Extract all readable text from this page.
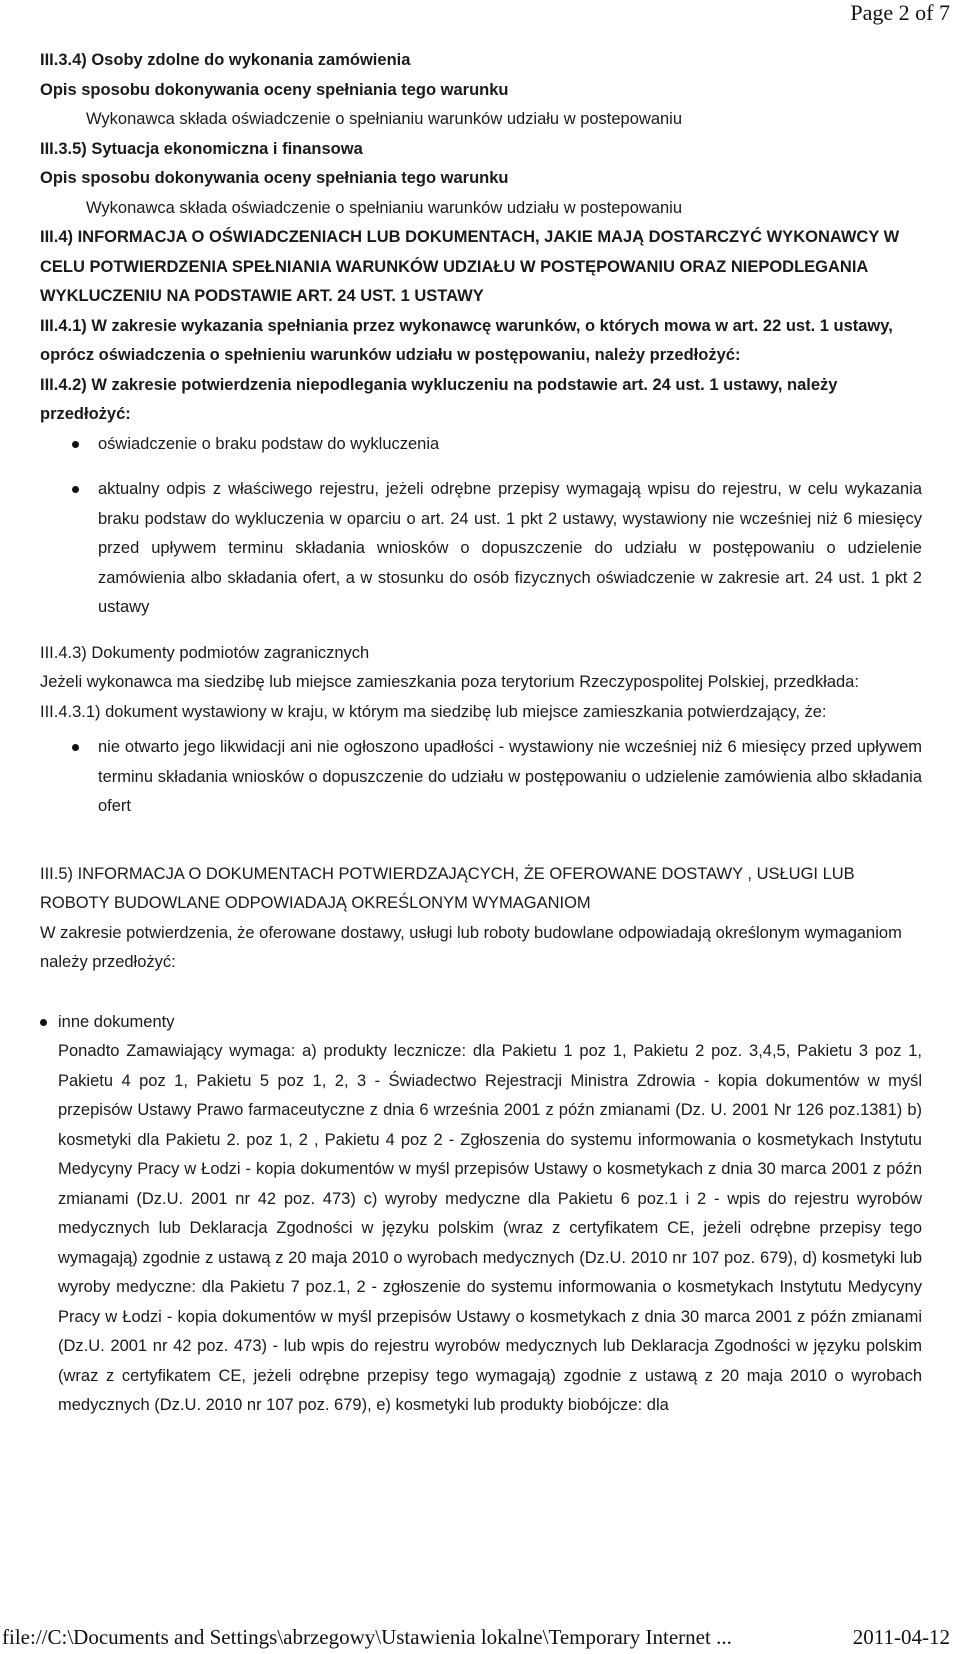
Page 2 of 7

III.3.4) Osoby zdolne do wykonania zamówienia

Opis sposobu dokonywania oceny spełniania tego warunku

Wykonawca składa oświadczenie o spełnianiu warunków udziału w postepowaniu

III.3.5) Sytuacja ekonomiczna i finansowa

Opis sposobu dokonywania oceny spełniania tego warunku

Wykonawca składa oświadczenie o spełnianiu warunków udziału w postepowaniu

III.4) INFORMACJA O OŚWIADCZENIACH LUB DOKUMENTACH, JAKIE MAJĄ DOSTARCZYĆ WYKONAWCY W CELU POTWIERDZENIA SPEŁNIANIA WARUNKÓW UDZIAŁU W POSTĘPOWANIU ORAZ NIEPODLEGANIA WYKLUCZENIU NA PODSTAWIE ART. 24 UST. 1 USTAWY

III.4.1) W zakresie wykazania spełniania przez wykonawcę warunków, o których mowa w art. 22 ust. 1 ustawy, oprócz oświadczenia o spełnieniu warunków udziału w postępowaniu, należy przedłożyć:

III.4.2) W zakresie potwierdzenia niepodlegania wykluczeniu na podstawie art. 24 ust. 1 ustawy, należy przedłożyć:

oświadczenie o braku podstaw do wykluczenia
aktualny odpis z właściwego rejestru, jeżeli odrębne przepisy wymagają wpisu do rejestru, w celu wykazania braku podstaw do wykluczenia w oparciu o art. 24 ust. 1 pkt 2 ustawy, wystawiony nie wcześniej niż 6 miesięcy przed upływem terminu składania wniosków o dopuszczenie do udziału w postępowaniu o udzielenie zamówienia albo składania ofert, a w stosunku do osób fizycznych oświadczenie w zakresie art. 24 ust. 1 pkt 2 ustawy

III.4.3) Dokumenty podmiotów zagranicznych

Jeżeli wykonawca ma siedzibę lub miejsce zamieszkania poza terytorium Rzeczypospolitej Polskiej, przedkłada:

III.4.3.1) dokument wystawiony w kraju, w którym ma siedzibę lub miejsce zamieszkania potwierdzający, że:

nie otwarto jego likwidacji ani nie ogłoszono upadłości - wystawiony nie wcześniej niż 6 miesięcy przed upływem terminu składania wniosków o dopuszczenie do udziału w postępowaniu o udzielenie zamówienia albo składania ofert

III.5) INFORMACJA O DOKUMENTACH POTWIERDZAJĄCYCH, ŻE OFEROWANE DOSTAWY , USŁUGI LUB ROBOTY BUDOWLANE ODPOWIADAJĄ OKREŚLONYM WYMAGANIOM

W zakresie potwierdzenia, że oferowane dostawy, usługi lub roboty budowlane odpowiadają określonym wymaganiom należy przedłożyć:

inne dokumenty

Ponadto Zamawiający wymaga: a) produkty lecznicze: dla Pakietu 1 poz 1, Pakietu 2 poz. 3,4,5, Pakietu 3 poz 1, Pakietu 4 poz 1, Pakietu 5 poz 1, 2, 3 - Świadectwo Rejestracji Ministra Zdrowia - kopia dokumentów w myśl przepisów Ustawy Prawo farmaceutyczne z dnia 6 września 2001 z późn zmianami (Dz. U. 2001 Nr 126 poz.1381) b) kosmetyki dla Pakietu 2. poz 1, 2 , Pakietu 4 poz 2 - Zgłoszenia do systemu informowania o kosmetykach Instytutu Medycyny Pracy w Łodzi - kopia dokumentów w myśl przepisów Ustawy o kosmetykach z dnia 30 marca 2001 z późn zmianami (Dz.U. 2001 nr 42 poz. 473) c) wyroby medyczne dla Pakietu 6 poz.1 i 2 - wpis do rejestru wyrobów medycznych lub Deklaracja Zgodności w języku polskim (wraz z certyfikatem CE, jeżeli odrębne przepisy tego wymagają) zgodnie z ustawą z 20 maja 2010 o wyrobach medycznych (Dz.U. 2010 nr 107 poz. 679), d) kosmetyki lub wyroby medyczne: dla Pakietu 7 poz.1, 2 - zgłoszenie do systemu informowania o kosmetykach Instytutu Medycyny Pracy w Łodzi - kopia dokumentów w myśl przepisów Ustawy o kosmetykach z dnia 30 marca 2001 z późn zmianami (Dz.U. 2001 nr 42 poz. 473) - lub wpis do rejestru wyrobów medycznych lub Deklaracja Zgodności w języku polskim (wraz z certyfikatem CE, jeżeli odrębne przepisy tego wymagają) zgodnie z ustawą z 20 maja 2010 o wyrobach medycznych (Dz.U. 2010 nr 107 poz. 679), e) kosmetyki lub produkty biobójcze: dla

file://C:\Documents and Settings\abrzegowy\Ustawienia lokalne\Temporary Internet ...	2011-04-12
